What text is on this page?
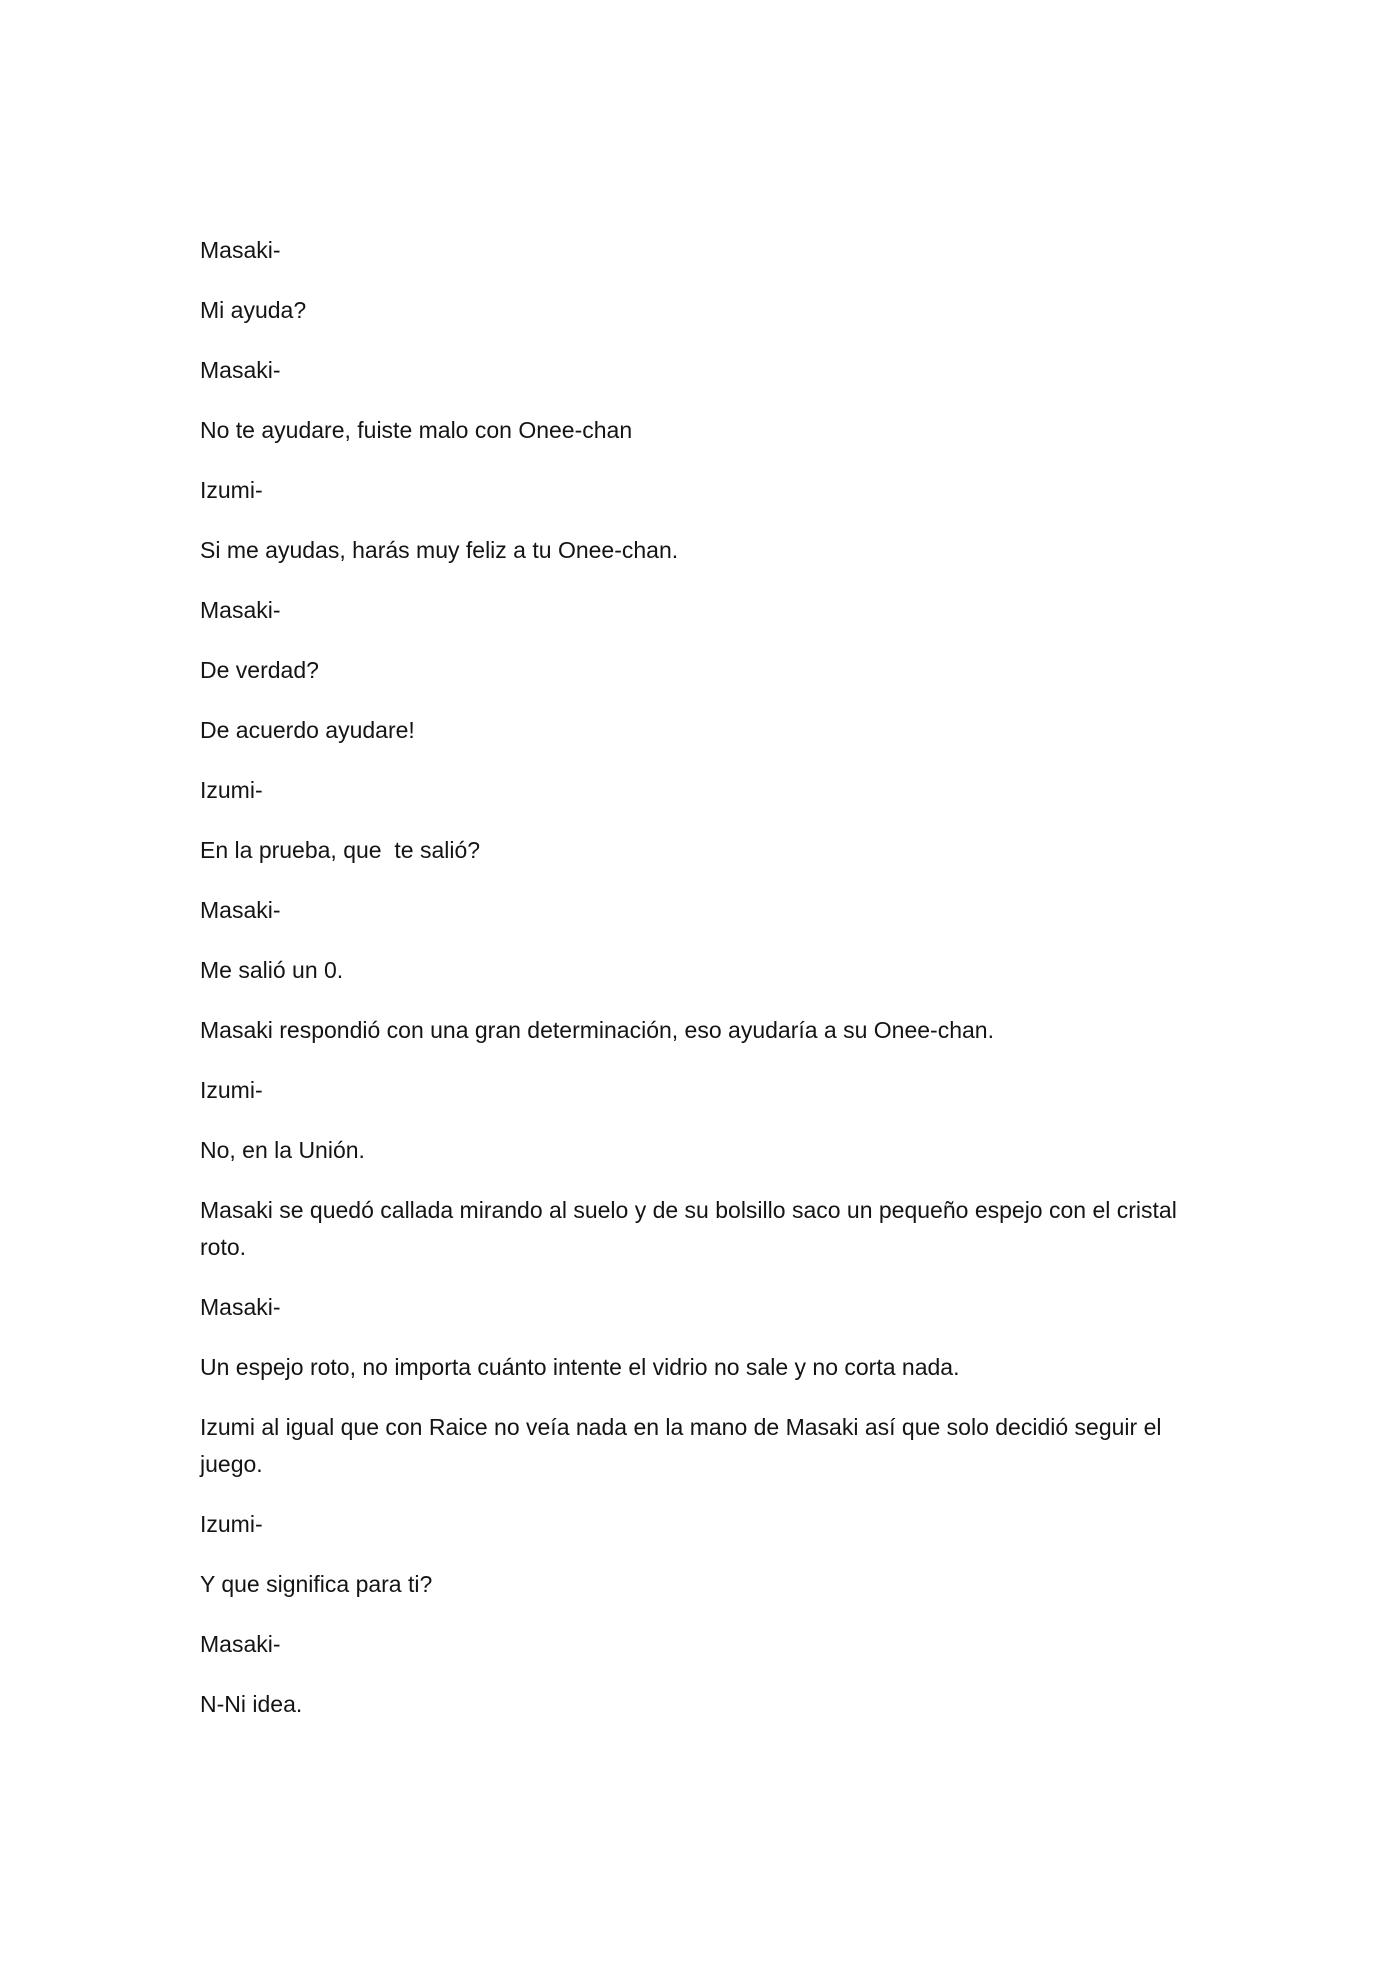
Masaki-

Mi ayuda?

Masaki-

No te ayudare, fuiste malo con Onee-chan

Izumi-

Si me ayudas, harás muy feliz a tu Onee-chan.

Masaki-

De verdad?

De acuerdo ayudare!

Izumi-

En la prueba, que  te salió?

Masaki-

Me salió un 0.

Masaki respondió con una gran determinación, eso ayudaría a su Onee-chan.

Izumi-

No, en la Unión.

Masaki se quedó callada mirando al suelo y de su bolsillo saco un pequeño espejo con el cristal roto.

Masaki-

Un espejo roto, no importa cuánto intente el vidrio no sale y no corta nada.

Izumi al igual que con Raice no veía nada en la mano de Masaki así que solo decidió seguir el juego.

Izumi-

Y que significa para ti?

Masaki-

N-Ni idea.
